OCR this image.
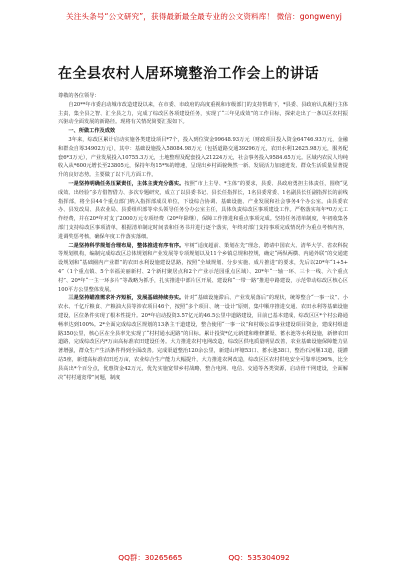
关注头条号“公文研究”，获得最新最全最专业的公文资料库！ 微信：gongwenyj
在全县农村人居环境整治工作会上的讲话

尊敬的各位领导：

自20**年市委启动城市改造建设以来，在市委、市政府的高度重视和市级部门的支持帮助下，*县委、县政府认真履行主体主责，集全县之智、汇全县之力，完成了综改区各项建设任务，实现了“三年见成效”的工作目标，探索走出了一条以区农村振兴驱动全面发展的新路径。现将有关情况简要汇报如下。

一、所做工作及成效

3年来，综改区累计启动实施各类建设项目*7个，投入到位资金99648.93万元（财政项目投入资金64746.93万元，金融和群众自筹34902万元），其中：基础设施投入58084.98万元（包括道路交通39296万元，农田水利12625.98万元，服务配套6*3万元），产业发展投入10755.3万元，土地整理及配套投入21224万元，社会事务投入9584.65万元。区域内农民人均纯收入从*600元增长至23805元，保持年均15*%的增速，呈现出乡村面貌焕然一新、发展活力加速迸发、群众生活质量显著提升的良好态势。主要做了以下几方面工作。

一是坚持明确任务压紧责任，主体主责充分落实。按照“市上主导、*主体”的要求，县委、县政府勇担主体责任，围绕“见成效、出经验”多方借智借力、多次专题研究，成立了以县委书记、县长任指挥长，1名县委常委、1名副县长任副指挥长的前线指挥部，将全县44个重点部门纳入指挥部成员单位，下设综合协调、基础设施、产业发展和社会事务4个办公室。由县委农办、县发改局、县农业局、县委组织部等牵头领导任务分办公室主任，具体负责综改区事项建设工作。严格落实每年*0万元工作经费，并在20*年对支了2000万元专项经费（20*年除继），保障工作推进和重点事项完成。坚持任务清单制度，年初收集各部门支持综改区事项清单，根据清单制定时间表和任务书并进行逐个落实，年终对部门支持事项完成情况作为重点考核内容，进调奖惩考核，确保年度工作落实落细。

二是坚持科学规划合理布局，整体推进有序有序。牢树“适度超前、策划在先”理念，聘请中国农大、清华大学、省农科院等规划机构，编制完成综改区总体规划和产业发展等专项规划以及11个乡镇总规和控规，确定“两纵两横、内通外联”的交通建设规划和“基础圈内产业群”的农田水利设施建设思路，按照“全域规划、分步实施、成片推进”的要求，先后以20*年“1+5+4”（1个重点镇、5个幸福美丽新村、2个新村聚居点和2个产业示范园重点区域）、20*年“一轴一环、三卡一线、六个重点村”、20*年“一主一环多片”等战略为抓手，扎实推进中部片区开展、建设和“一带一路”推进中路建设，示范带动综改区核心区100平方公里整体发展。

三是坚持瞄准需求补齐短板，发展基础持续夯实。针对“基础设施滞后、产业发展落后”的现状，统筹整合“一事一议”、小农水、千亿斤粮食、产粮油大县等涉农项目46个，按照“多个项目、统一设计”原则，集中顺序推进交通、农田水利等基础设施建设，区位条件实现了根本性提升。20*年启动投资3.57亿元的46.5公里中道路建设，目前已基本建成，综改区区*个村公路通畅率达到100%。2*全面完成综改区规划的13条主干道建设，整合使用“一事一议”和村级公益事业建设项目资金，建成村组道路350公里，核心区在全县率先实现了“村村通水泥路”的目标。累计投资*亿元新建和维修灌渠、蓄水池等水利设施，新修农田道路，完成综改区内*万亩高标准农田建设任务。大力推进农村电网改造，综改区供电质量明显改善，农业基础设施保障能力显著增强，群众生产生活条件得到全面改善。完成渠道整治120余公里，新建山坪塘53口、蓄水池38口，整治石河堰13道，提灌站5座，新建高标准农田近万亩，农业综合生产能力大幅提升，大力推进农网改造，综改区区农村供电安全可靠率达96%，比全县高出*个百分点，优惠资金42万元，优先实施宽带乡村战略，整合电网、电信、交通等各类资源，启动骨干网建设，全面解决“村村通宽带”问题，制度

QQ群：30265665	QQ：535304092
